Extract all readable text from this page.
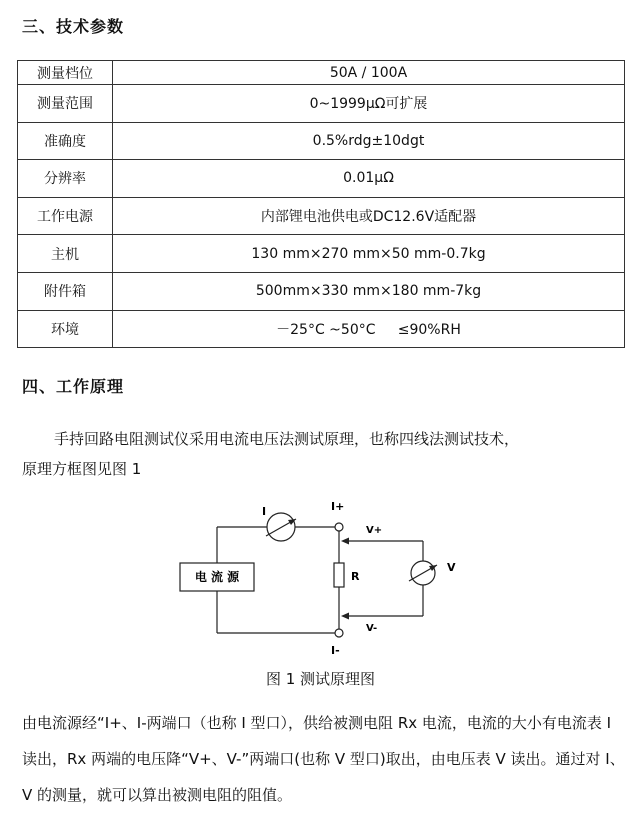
三、技术参数
测量档位	50A / 100A
测量范围	0~1999μΩ可扩展
准确度	0.5%rdg±10dgt
分辨率	0.01μΩ
工作电源	内部锂电池供电或DC12.6V适配器
主机	130 mm×270 mm×50 mm-0.7kg
附件箱	500mm×330 mm×180 mm-7kg
环境	－25°C ~50°C     ≤90%RH
四、工作原理
手持回路电阻测试仪采用电流电压法测试原理，也称四线法测试技术，
原理方框图见图 1
电 流 源
I	I+
I-
R
V
V+
V-
图 1 测试原理图
由电流源经“I+、I-两端口（也称 I 型口），供给被测电阻 Rx 电流，电流的大小有电流表 I 读出，Rx 两端的电压降“V+、V-”两端口(也称 V 型口)取出，由电压表 V 读出。通过对 I、V 的测量，就可以算出被测电阻的阻值。
